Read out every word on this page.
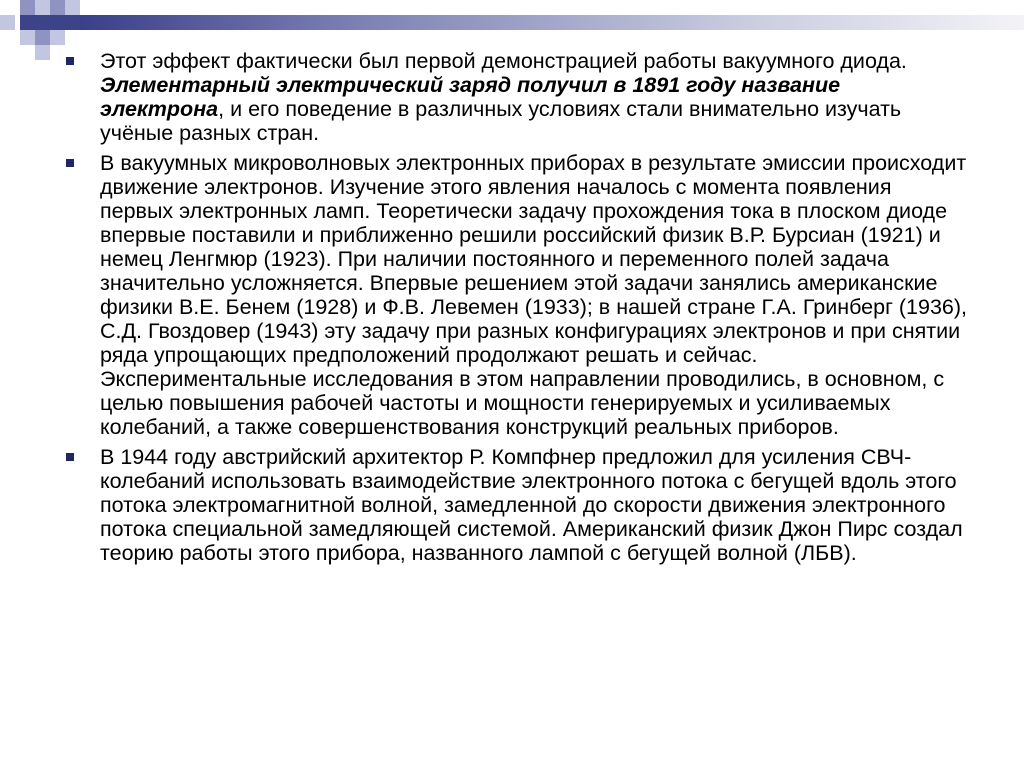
Этот эффект фактически был первой демонстрацией работы вакуумного диода. Элементарный электрический заряд получил в 1891 году название электрона, и его поведение в различных условиях стали внимательно изучать учёные разных стран.
В вакуумных микроволновых электронных приборах в результате эмиссии происходит движение электронов. Изучение этого явления началось с момента появления первых электронных ламп. Теоретически задачу прохождения тока в плоском диоде впервые поставили и приближенно решили российский физик В.Р. Бурсиан (1921) и немец Ленгмюр (1923). При наличии постоянного и переменного полей задача значительно усложняется. Впервые решением этой задачи занялись американские физики В.Е. Бенем (1928) и Ф.В. Левемен (1933); в нашей стране Г.А. Гринберг (1936), С.Д. Гвоздовер (1943) эту задачу при разных конфигурациях электронов и при снятии ряда упрощающих предположений продолжают решать и сейчас. Экспериментальные исследования в этом направлении проводились, в основном, с целью повышения рабочей частоты и мощности генерируемых и усиливаемых колебаний, а также совершенствования конструкций реальных приборов.
В 1944 году австрийский архитектор Р. Компфнер предложил для усиления СВЧ-колебаний использовать взаимодействие электронного потока с бегущей вдоль этого потока электромагнитной волной, замедленной до скорости движения электронного потока специальной замедляющей системой. Американский физик Джон Пирс создал теорию работы этого прибора, названного лампой с бегущей волной (ЛБВ).
